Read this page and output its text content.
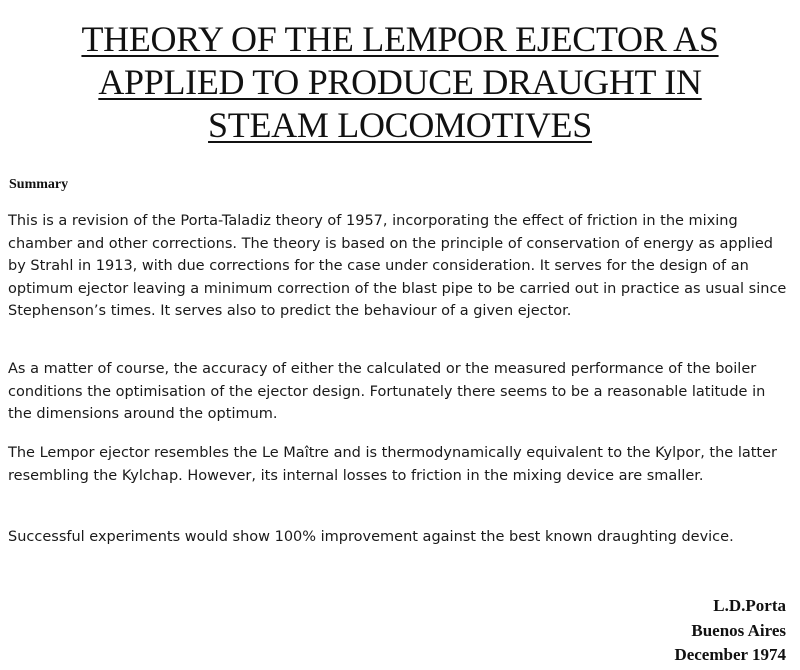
THEORY OF THE LEMPOR EJECTOR AS
APPLIED TO PRODUCE DRAUGHT IN
STEAM LOCOMOTIVES
Summary

This is a revision of the Porta-Taladiz theory of 1957, incorporating the effect of friction in the mixing chamber and other corrections. The theory is based on the principle of conservation of energy as applied by Strahl in 1913, with due corrections for the case under consideration. It serves for the design of an optimum ejector leaving a minimum correction of the blast pipe to be carried out in practice as usual since Stephenson’s times. It serves also to predict the behaviour of a given ejector.

As a matter of course, the accuracy of either the calculated or the measured performance of the boiler conditions the optimisation of the ejector design. Fortunately there seems to be a reasonable latitude in the dimensions around the optimum.

The Lempor ejector resembles the Le Maître and is thermodynamically equivalent to the Kylpor, the latter resembling the Kylchap. However, its internal losses to friction in the mixing device are smaller.

Successful experiments would show 100% improvement against the best known draughting device.

L.D.Porta
Buenos Aires
December 1974
